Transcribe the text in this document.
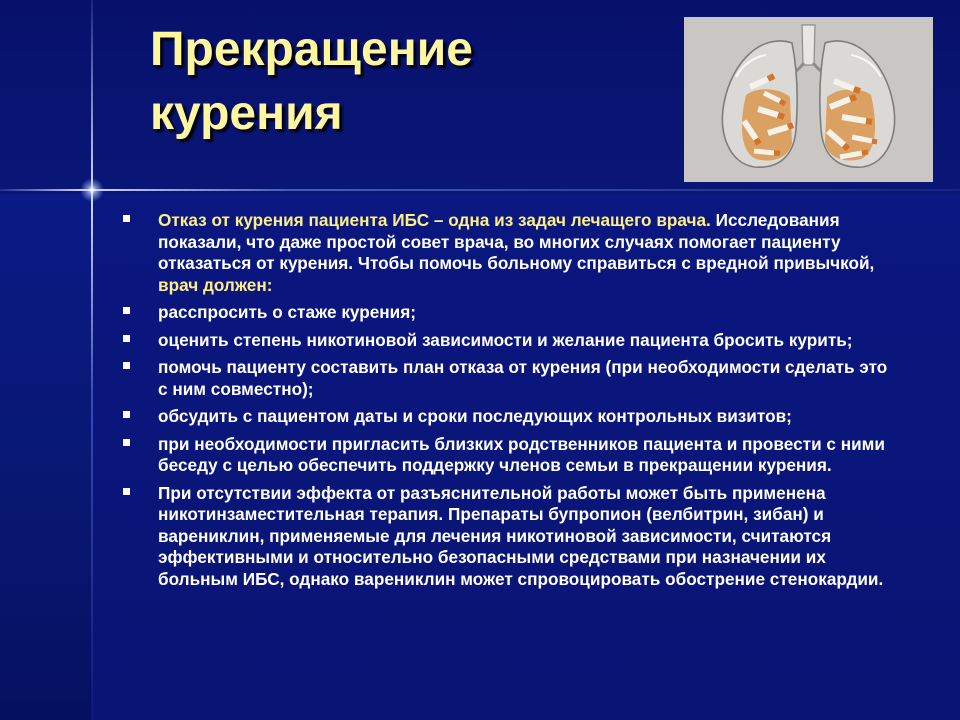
Прекращение
курения
Отказ от курения пациента ИБС – одна из задач лечащего врача. Исследования показали, что даже простой совет врача, во многих случаях помогает пациенту отказаться от курения. Чтобы помочь больному справиться с вредной привычкой, врач должен:
расспросить о стаже курения;
оценить степень никотиновой зависимости и желание пациента бросить курить;
помочь пациенту составить план отказа от курения (при необходимости сделать это с ним совместно);
обсудить с пациентом даты и сроки последующих контрольных визитов;
при необходимости пригласить близких родственников пациента и провести с ними беседу с целью обеспечить поддержку членов семьи в прекращении курения.
При отсутствии эффекта от разъяснительной работы может быть применена никотинзаместительная терапия. Препараты бупропион (велбитрин, зибан) и варениклин, применяемые для лечения никотиновой зависимости, считаются эффективными и относительно безопасными средствами при назначении их больным ИБС, однако варениклин может спровоцировать обострение стенокардии.
